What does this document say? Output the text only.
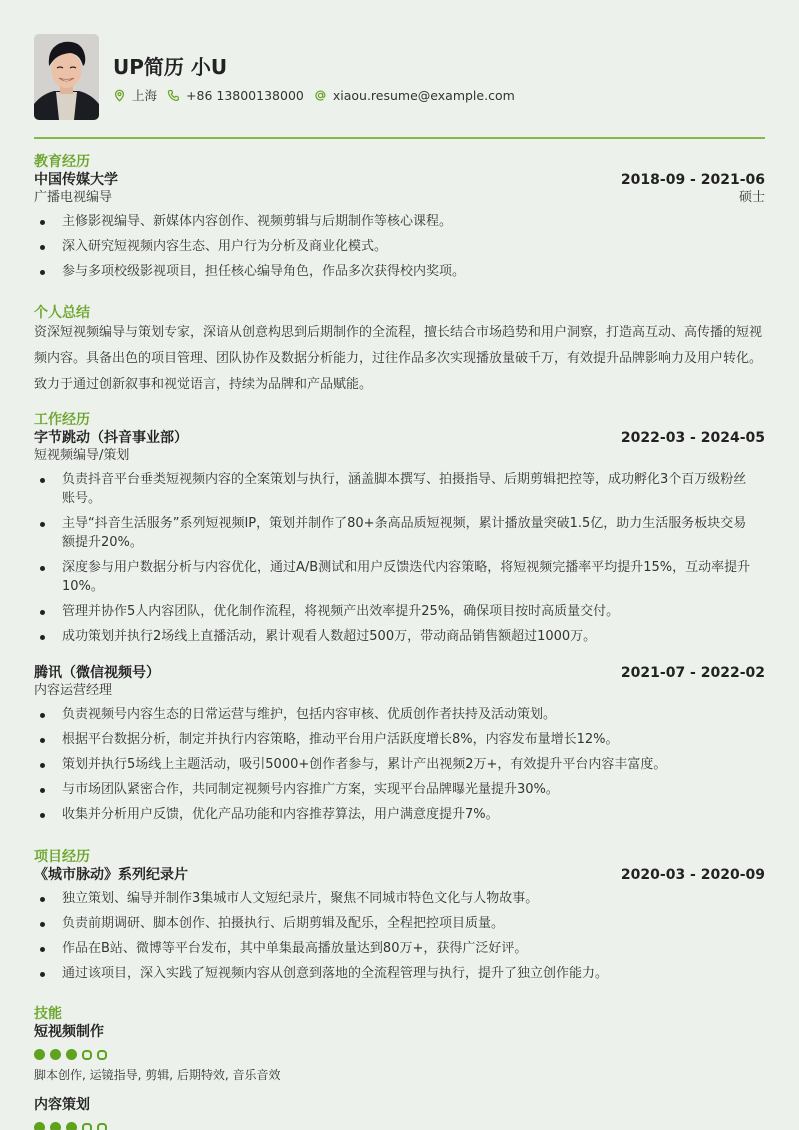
UP简历 小U
上海 +86 13800138000 xiaou.resume@example.com
教育经历
中国传媒大学	2018-09 - 2021-06
广播电视编导	硕士
主修影视编导、新媒体内容创作、视频剪辑与后期制作等核心课程。
深入研究短视频内容生态、用户行为分析及商业化模式。
参与多项校级影视项目，担任核心编导角色，作品多次获得校内奖项。
个人总结
资深短视频编导与策划专家，深谙从创意构思到后期制作的全流程，擅长结合市场趋势和用户洞察，打造高互动、高传播的短视频内容。具备出色的项目管理、团队协作及数据分析能力，过往作品多次实现播放量破千万，有效提升品牌影响力及用户转化。致力于通过创新叙事和视觉语言，持续为品牌和产品赋能。
工作经历
字节跳动（抖音事业部）	2022-03 - 2024-05
短视频编导/策划
负责抖音平台垂类短视频内容的全案策划与执行，涵盖脚本撰写、拍摄指导、后期剪辑把控等，成功孵化3个百万级粉丝账号。
主导“抖音生活服务”系列短视频IP，策划并制作了80+条高品质短视频，累计播放量突破1.5亿，助力生活服务板块交易额提升20%。
深度参与用户数据分析与内容优化，通过A/B测试和用户反馈迭代内容策略，将短视频完播率平均提升15%，互动率提升10%。
管理并协作5人内容团队，优化制作流程，将视频产出效率提升25%，确保项目按时高质量交付。
成功策划并执行2场线上直播活动，累计观看人数超过500万，带动商品销售额超过1000万。
腾讯（微信视频号）	2021-07 - 2022-02
内容运营经理
负责视频号内容生态的日常运营与维护，包括内容审核、优质创作者扶持及活动策划。
根据平台数据分析，制定并执行内容策略，推动平台用户活跃度增长8%，内容发布量增长12%。
策划并执行5场线上主题活动，吸引5000+创作者参与，累计产出视频2万+，有效提升平台内容丰富度。
与市场团队紧密合作，共同制定视频号内容推广方案，实现平台品牌曝光量提升30%。
收集并分析用户反馈，优化产品功能和内容推荐算法，用户满意度提升7%。
项目经历
《城市脉动》系列纪录片	2020-03 - 2020-09
独立策划、编导并制作3集城市人文短纪录片，聚焦不同城市特色文化与人物故事。
负责前期调研、脚本创作、拍摄执行、后期剪辑及配乐，全程把控项目质量。
作品在B站、微博等平台发布，其中单集最高播放量达到80万+，获得广泛好评。
通过该项目，深入实践了短视频内容从创意到落地的全流程管理与执行，提升了独立创作能力。
技能
短视频制作
脚本创作, 运镜指导, 剪辑, 后期特效, 音乐音效
内容策划
